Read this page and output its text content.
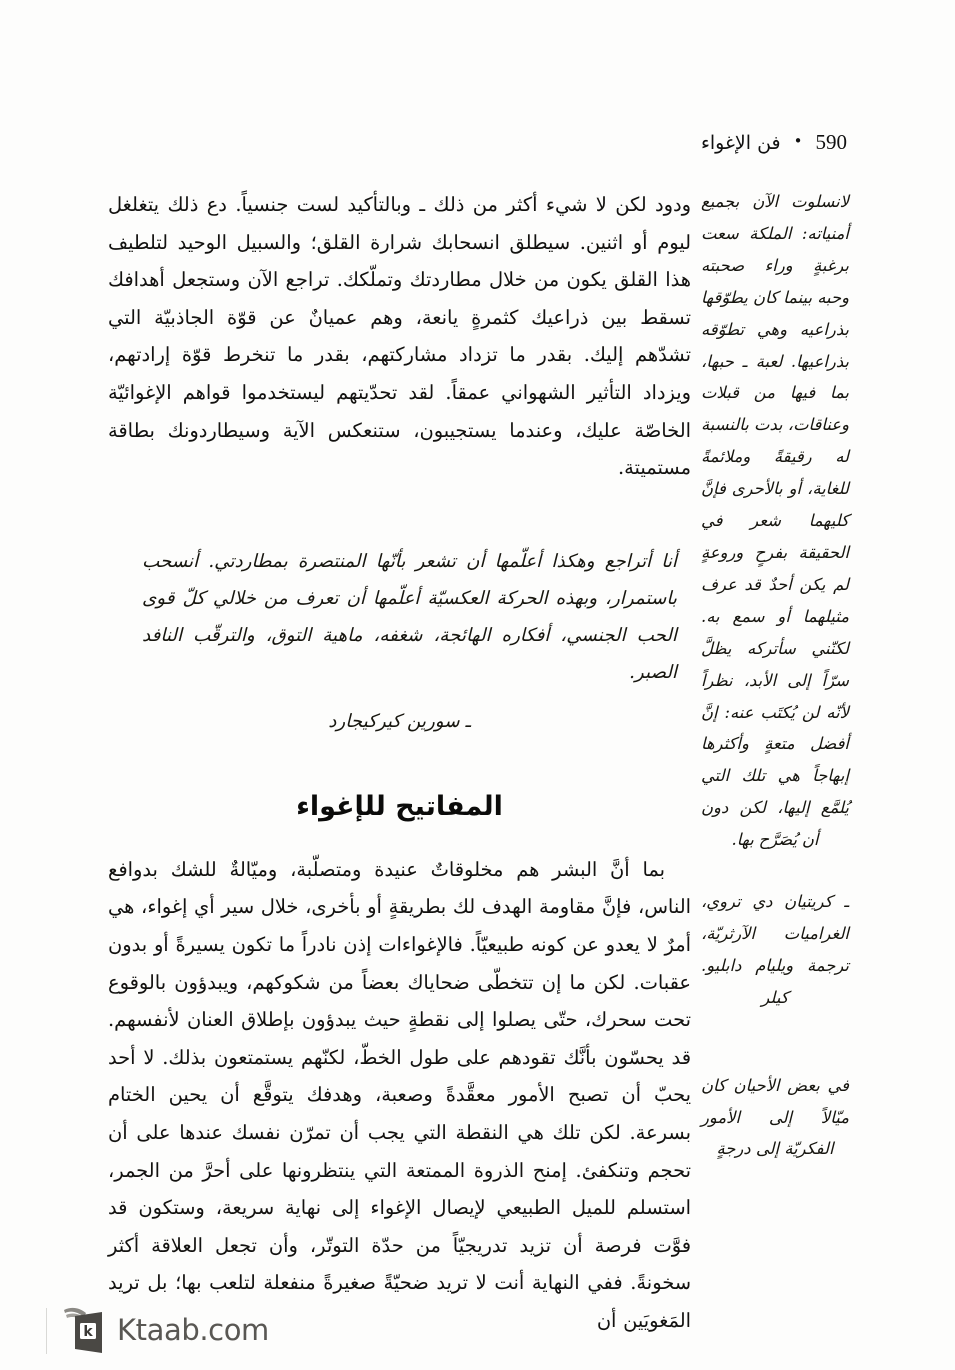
590
•
فن الإغواء

ودود لكن لا شيء أكثر من ذلك ـ وبالتأكيد لست جنسياً. دع ذلك يتغلغل ليوم أو اثنين. سيطلق انسحابك شرارة القلق؛ والسبيل الوحيد لتلطيف هذا القلق يكون من خلال مطاردتك وتملّكك. تراجع الآن وستجعل أهدافك تسقط بين ذراعيك كثمرةٍ يانعة، وهم عميانٌ عن قوّة الجاذبيّة التي تشدّهم إليك. بقدر ما تزداد مشاركتهم، بقدر ما تنخرط قوّة إرادتهم، ويزداد التأثير الشهواني عمقاً. لقد تحدّيتهم ليستخدموا قواهم الإغوائيّة الخاصّة عليك، وعندما يستجيبون، ستنعكس الآية وسيطاردونك بطاقة مستميتة.

أنا أتراجع وهكذا أعلّمها أن تشعر بأنّها المنتصرة بمطاردتي. أنسحب باستمرار، وبهذه الحركة العكسيّة أعلّمها أن تعرف من خلالي كلّ قوى الحب الجنسي، أفكاره الهائجة، شغفه، ماهية التوق، والترقّب النافد الصبر.
ـ سورين كيركيجارد
المفاتيح للإغواء

بما أنَّ البشر هم مخلوقاتٌ عنيدة ومتصلّبة، وميّالةٌ للشك بدوافع الناس، فإنَّ مقاومة الهدف لك بطريقةٍ أو بأخرى، خلال سير أي إغواء، هي أمرٌ لا يعدو عن كونه طبيعيّاً. فالإغواءات إذن نادراً ما تكون يسيرةً أو بدون عقبات. لكن ما إن تتخطّى ضحاياك بعضاً من شكوكهم، ويبدؤون بالوقوع تحت سحرك، حتّى يصلوا إلى نقطةٍ حيث يبدؤون بإطلاق العنان لأنفسهم. قد يحسّون بأنَّك تقودهم على طول الخطّ، لكنّهم يستمتعون بذلك. لا أحد يحبّ أن تصبح الأمور معقَّدةً وصعبة، وهدفك يتوقَّع أن يحين الختام بسرعة. لكن تلك هي النقطة التي يجب أن تمرّن نفسك عندها على أن تحجم وتنكفئ. إمنح الذروة الممتعة التي ينتظرونها على أحرَّ من الجمر، استسلم للميل الطبيعي لإيصال الإغواء إلى نهاية سريعة، وستكون قد فوَّت فرصة أن تزيد تدريجيّاً من حدّة التوتّر، وأن تجعل العلاقة أكثر سخونةً. ففي النهاية أنت لا تريد ضحيّةً صغيرةً منفعلة لتلعب بها؛ بل تريد المَغويَين أن

لانسلوت الآن بجميع أمنياته: الملكة سعت برغبةٍ وراء صحبته وحبه بينما كان يطوّقها بذراعيه وهي تطوّقه بذراعيها. لعبة ـ حبها، بما فيها من قبلات وعناقات، بدت بالنسبة له رقيقةً وملائمةً للغاية، أو بالأحرى فإنَّ كليهما شعر في الحقيقة بفرحٍ وروعةٍ لم يكن أحدٌ قد عرف مثيلهما أو سمع به. لكنّني سأتركه يظلَّ سرّاً إلى الأبد، نظراً لأنّه لن يُكتَب عنه: إنَّ أفضل متعةٍ وأكثرها إبهاجاً هي تلك التي يُلمَّع إليها، لكن دون أن يُصَرَّح بها.

ـ كريتيان دي تروي، الغراميات الآرثريّة، ترجمة ويليام دابليو. كيلر

في بعض الأحيان كان ميّالاً إلى الأمور الفكريّة إلى درجةٍ

k Ktaab.com
